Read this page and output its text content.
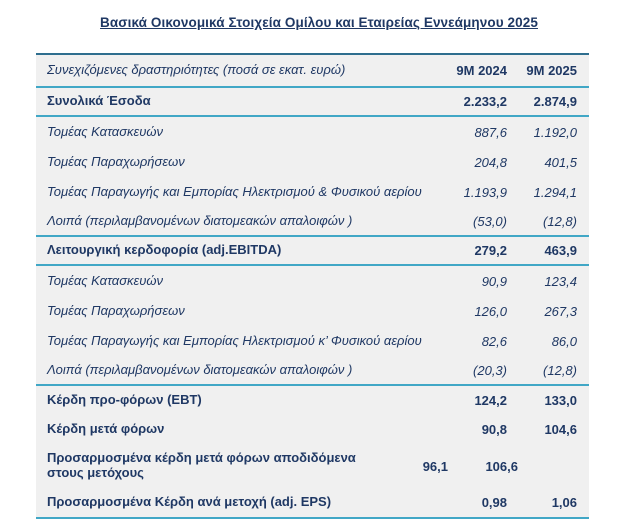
Βασικά Οικονομικά Στοιχεία Ομίλου και Εταιρείας Εννεάμηνου 2025
Συνεχιζόμενες δραστηριότητες (ποσά σε εκατ. ευρώ)	9M 2024	9M 2025
Συνολικά Έσοδα	2.233,2	2.874,9
Τομέας Κατασκευών	887,6	1.192,0
Τομέας Παραχωρήσεων	204,8	401,5
Τομέας Παραγωγής και Εμπορίας Ηλεκτρισμού & Φυσικού αερίου	1.193,9	1.294,1
Λοιπά (περιλαμβανομένων διατομεακών απαλοιφών )	(53,0)	(12,8)
Λειτουργική κερδοφορία (adj.EBITDA)	279,2	463,9
Τομέας Κατασκευών	90,9	123,4
Τομέας Παραχωρήσεων	126,0	267,3
Τομέας Παραγωγής και Εμπορίας Ηλεκτρισμού κ’ Φυσικού αερίου	82,6	86,0
Λοιπά (περιλαμβανομένων διατομεακών απαλοιφών )	(20,3)	(12,8)
Κέρδη προ-φόρων (EBT)	124,2	133,0
Κέρδη μετά φόρων	90,8	104,6
Προσαρμοσμένα κέρδη μετά φόρων αποδιδόμενα στους μετόχους	96,1	106,6
Προσαρμοσμένα Κέρδη ανά μετοχή (adj. EPS)	0,98	1,06
